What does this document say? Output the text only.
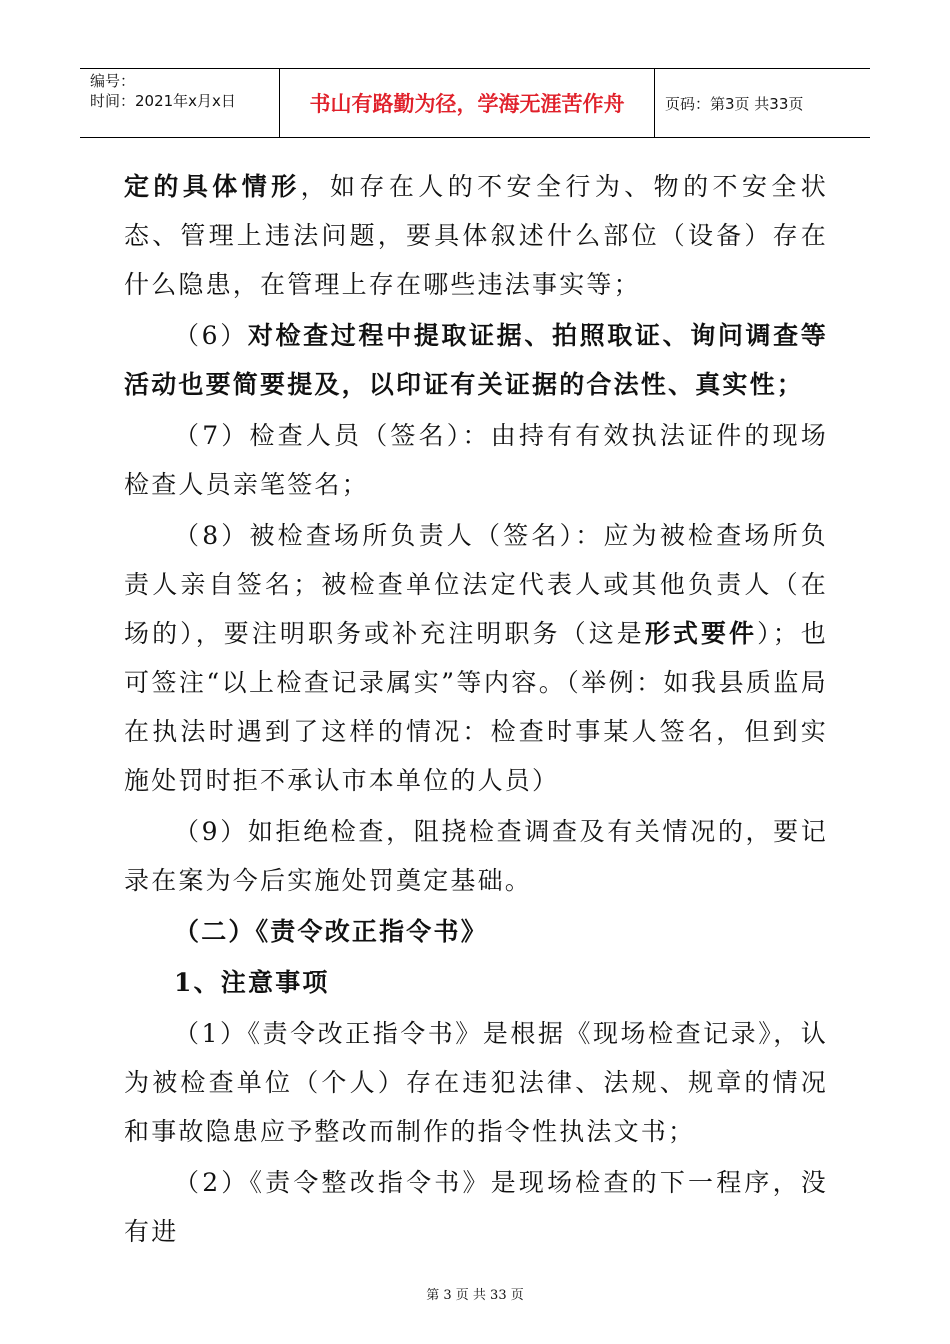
编号：
时间：2021年x月x日	书山有路勤为径，学海无涯苦作舟	页码：第3页 共33页

定的具体情形，如存在人的不安全行为、物的不安全状态、管理上违法问题，要具体叙述什么部位（设备）存在什么隐患，在管理上存在哪些违法事实等；

（6）对检查过程中提取证据、拍照取证、询问调查等活动也要简要提及，以印证有关证据的合法性、真实性；

（7）检查人员（签名）：由持有有效执法证件的现场检查人员亲笔签名；

（8）被检查场所负责人（签名）：应为被检查场所负责人亲自签名；被检查单位法定代表人或其他负责人（在场的），要注明职务或补充注明职务（这是形式要件）；也可签注“以上检查记录属实”等内容。（举例：如我县质监局在执法时遇到了这样的情况：检查时事某人签名，但到实施处罚时拒不承认市本单位的人员）

（9）如拒绝检查，阻挠检查调查及有关情况的，要记录在案为今后实施处罚奠定基础。

（二）《责令改正指令书》

1、注意事项

（1）《责令改正指令书》是根据《现场检查记录》，认为被检查单位（个人）存在违犯法律、法规、规章的情况和事故隐患应予整改而制作的指令性执法文书；

（2）《责令整改指令书》是现场检查的下一程序，没有进

第 3 页 共 33 页
